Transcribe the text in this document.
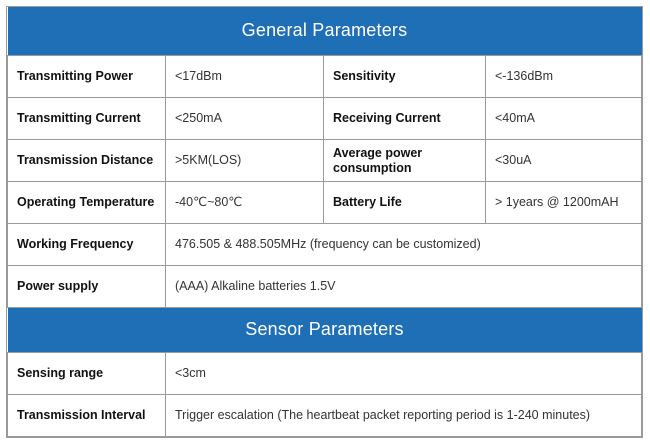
General Parameters			
Transmitting Power	<17dBm	Sensitivity	<-136dBm
Transmitting Current	<250mA	Receiving Current	<40mA
Transmission Distance	>5KM(LOS)	Average power consumption	<30uA
Operating Temperature	-40℃~80℃	Battery Life	> 1years @ 1200mAH
Working Frequency	476.505 & 488.505MHz (frequency can be customized)		
Power supply	(AAA) Alkaline batteries 1.5V		
Sensor Parameters			
Sensing range	<3cm		
Transmission Interval	Trigger escalation (The heartbeat packet reporting period is 1-240 minutes)		
